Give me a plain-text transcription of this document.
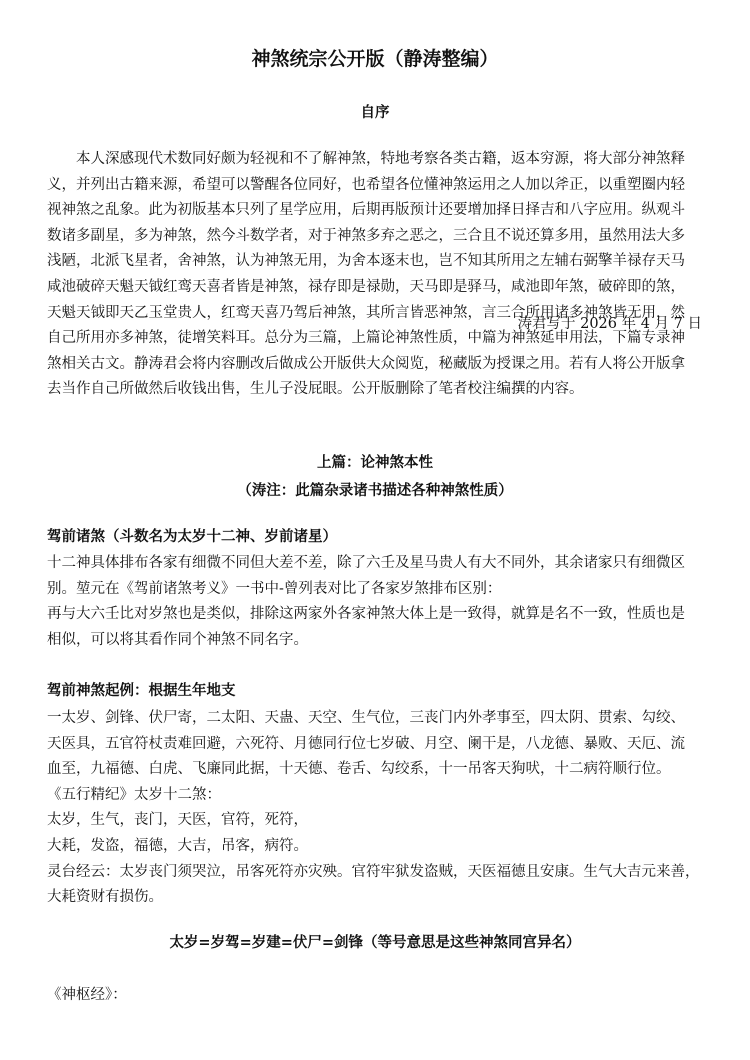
神煞统宗公开版（静涛整编）
自序

本人深感现代术数同好颇为轻视和不了解神煞，特地考察各类古籍，返本穷源，将大部分神煞释

义，并列出古籍来源，希望可以警醒各位同好，也希望各位懂神煞运用之人加以斧正，以重塑圈内轻

视神煞之乱象。此为初版基本只列了星学应用，后期再版预计还要增加择日择吉和八字应用。纵观斗

数诸多副星，多为神煞，然今斗数学者，对于神煞多弃之恶之，三合且不说还算多用，虽然用法大多

浅陋，北派飞星者，舍神煞，认为神煞无用，为舍本逐末也，岂不知其所用之左辅右弼擎羊禄存天马

咸池破碎天魁天钺红鸾天喜者皆是神煞，禄存即是禄勋，天马即是驿马，咸池即年煞，破碎即的煞，

天魁天钺即天乙玉堂贵人，红鸾天喜乃驾后神煞，其所言皆恶神煞，言三合所用诸多神煞皆无用，然

自己所用亦多神煞，徒增笑料耳。总分为三篇，上篇论神煞性质，中篇为神煞延申用法，下篇专录神

煞相关古文。静涛君会将内容删改后做成公开版供大众阅览，秘藏版为授课之用。若有人将公开版拿

去当作自己所做然后收钱出售，生儿子没屁眼。公开版删除了笔者校注编撰的内容。

涛君写于 2026 年 4 月 7 日
上篇：论神煞本性
（涛注：此篇杂录诸书描述各种神煞性质）
驾前诸煞（斗数名为太岁十二神、岁前诸星）

十二神具体排布各家有细微不同但大差不差，除了六壬及星马贵人有大不同外，其余诸家只有细微区

别。堃元在《驾前诸煞考义》一书中-曾列表对比了各家岁煞排布区别：

再与大六壬比对岁煞也是类似，排除这两家外各家神煞大体上是一致得，就算是名不一致，性质也是

相似，可以将其看作同个神煞不同名字。

驾前神煞起例：根据生年地支

一太岁、剑锋、伏尸寄，二太阳、天蛊、天空、生气位，三丧门内外孝事至，四太阴、贯索、勾绞、

天医具，五官符杖责难回避，六死符、月德同行位七岁破、月空、阑干是，八龙德、暴败、天厄、流

血至，九福德、白虎、飞廉同此据，十天德、卷舌、勾绞系，十一吊客天狗吠，十二病符顺行位。

《五行精纪》太岁十二煞：

太岁，生气，丧门，天医，官符，死符，

大耗，发盗，福德，大吉，吊客，病符。

灵台经云：太岁丧门须哭泣，吊客死符亦灾殃。官符牢狱发盗贼，天医福德且安康。生气大吉元来善，

大耗资财有损伤。

太岁=岁驾=岁建=伏尸=剑锋（等号意思是这些神煞同宫异名）
《神枢经》：
